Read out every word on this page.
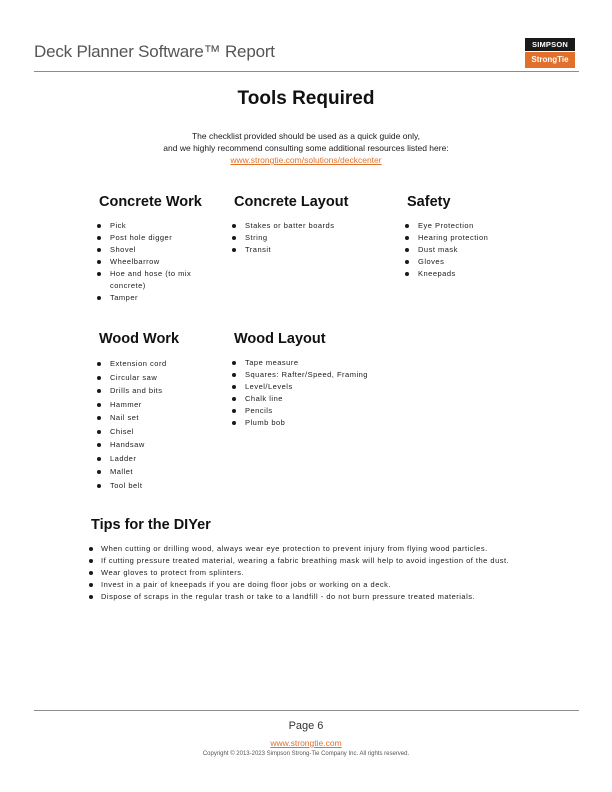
Deck Planner Software™ Report	SIMPSON
StrongTie
Tools Required
The checklist provided should be used as a quick guide only,
and we highly recommend consulting some additional resources listed here:
www.strongtie.com/solutions/deckcenter
Concrete Work
Pick
Post hole digger
Shovel
Wheelbarrow
Hoe and hose (to mix
concrete)
Tamper
Concrete Layout
Stakes or batter boards
String
Transit
Safety
Eye Protection
Hearing protection
Dust mask
Gloves
Kneepads
Wood Work
Extension cord
Circular saw
Drills and bits
Hammer
Nail set
Chisel
Handsaw
Ladder
Mallet
Tool belt
Wood Layout
Tape measure
Squares: Rafter/Speed, Framing
Level/Levels
Chalk line
Pencils
Plumb bob
Tips for the DIYer
When cutting or drilling wood, always wear eye protection to prevent injury from flying wood particles.
If cutting pressure treated material, wearing a fabric breathing mask will help to avoid ingestion of the dust.
Wear gloves to protect from splinters.
Invest in a pair of kneepads if you are doing floor jobs or working on a deck.
Dispose of scraps in the regular trash or take to a landfill - do not burn pressure treated materials.
Page 6
www.strongtie.com
Copyright © 2013-2023 Simpson Strong-Tie Company Inc. All rights reserved.
